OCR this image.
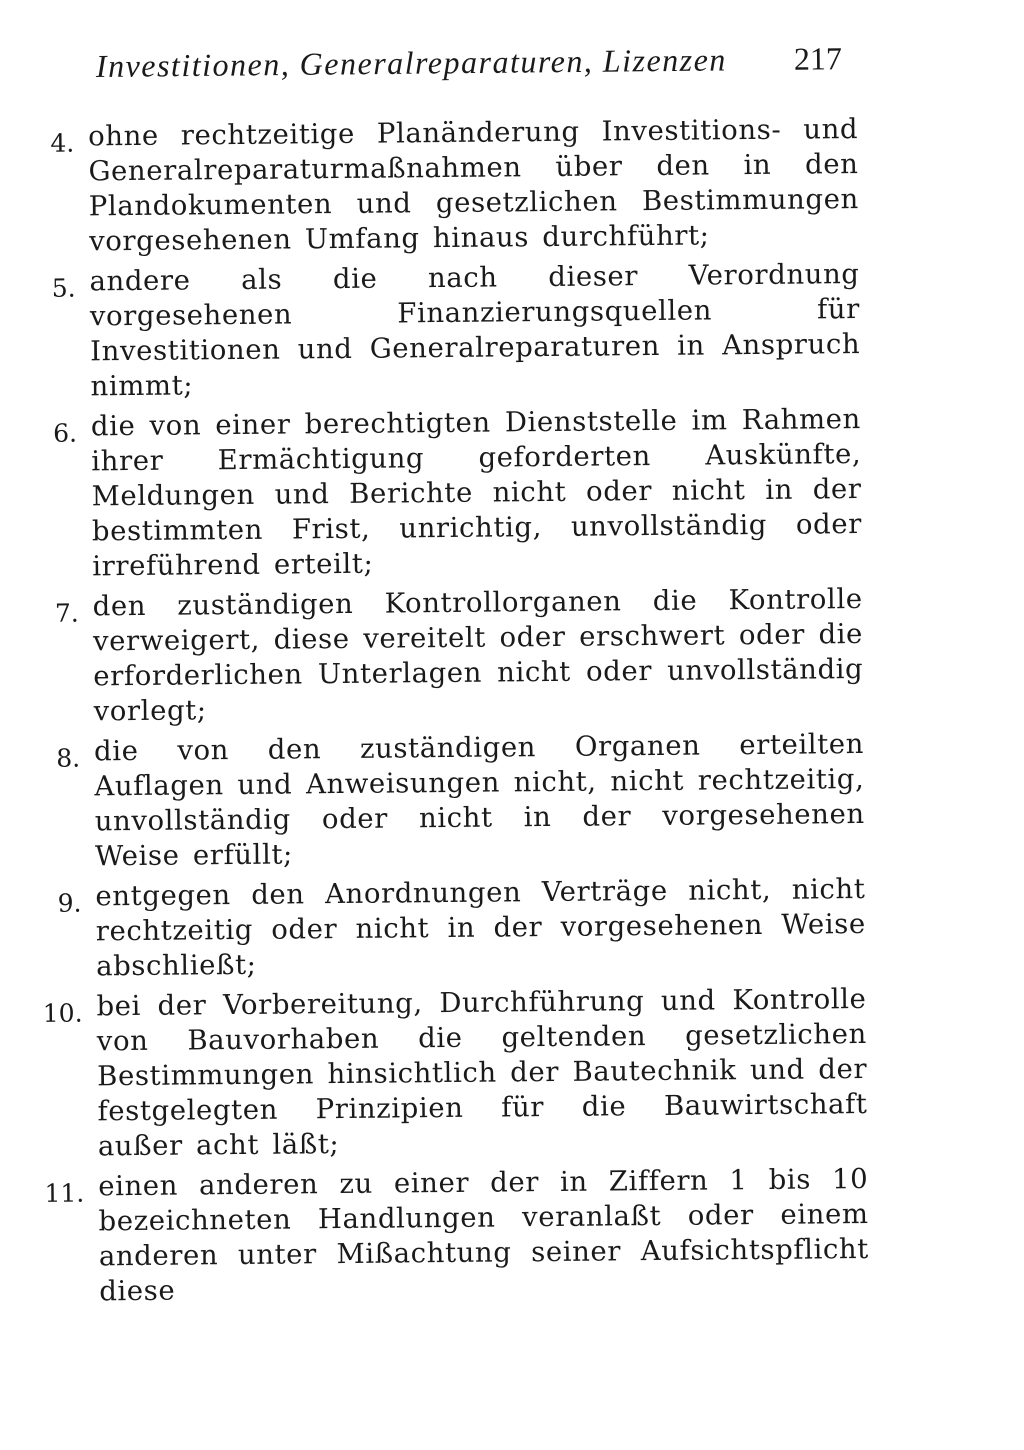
Investitionen, Generalreparaturen, Lizenzen 217
4. ohne rechtzeitige Planänderung Investitions- und Generalreparaturmaßnahmen über den in den Plandokumenten und gesetzlichen Bestimmungen vorgesehenen Umfang hinaus durchführt;
5. andere als die nach dieser Verordnung vorgesehenen Finanzierungsquellen für Investitionen und Generalreparaturen in Anspruch nimmt;
6. die von einer berechtigten Dienststelle im Rahmen ihrer Ermächtigung geforderten Auskünfte, Meldungen und Berichte nicht oder nicht in der bestimmten Frist, unrichtig, unvollständig oder irreführend erteilt;
7. den zuständigen Kontrollorganen die Kontrolle verweigert, diese vereitelt oder erschwert oder die erforderlichen Unterlagen nicht oder unvollständig vorlegt;
8. die von den zuständigen Organen erteilten Auflagen und Anweisungen nicht, nicht rechtzeitig, unvollständig oder nicht in der vorgesehenen Weise erfüllt;
9. entgegen den Anordnungen Verträge nicht, nicht rechtzeitig oder nicht in der vorgesehenen Weise abschließt;
10. bei der Vorbereitung, Durchführung und Kontrolle von Bauvorhaben die geltenden gesetzlichen Bestimmungen hinsichtlich der Bautechnik und der festgelegten Prinzipien für die Bauwirtschaft außer acht läßt;
11. einen anderen zu einer der in Ziffern 1 bis 10 bezeichneten Handlungen veranlaßt oder einem anderen unter Mißachtung seiner Aufsichtspflicht diese
